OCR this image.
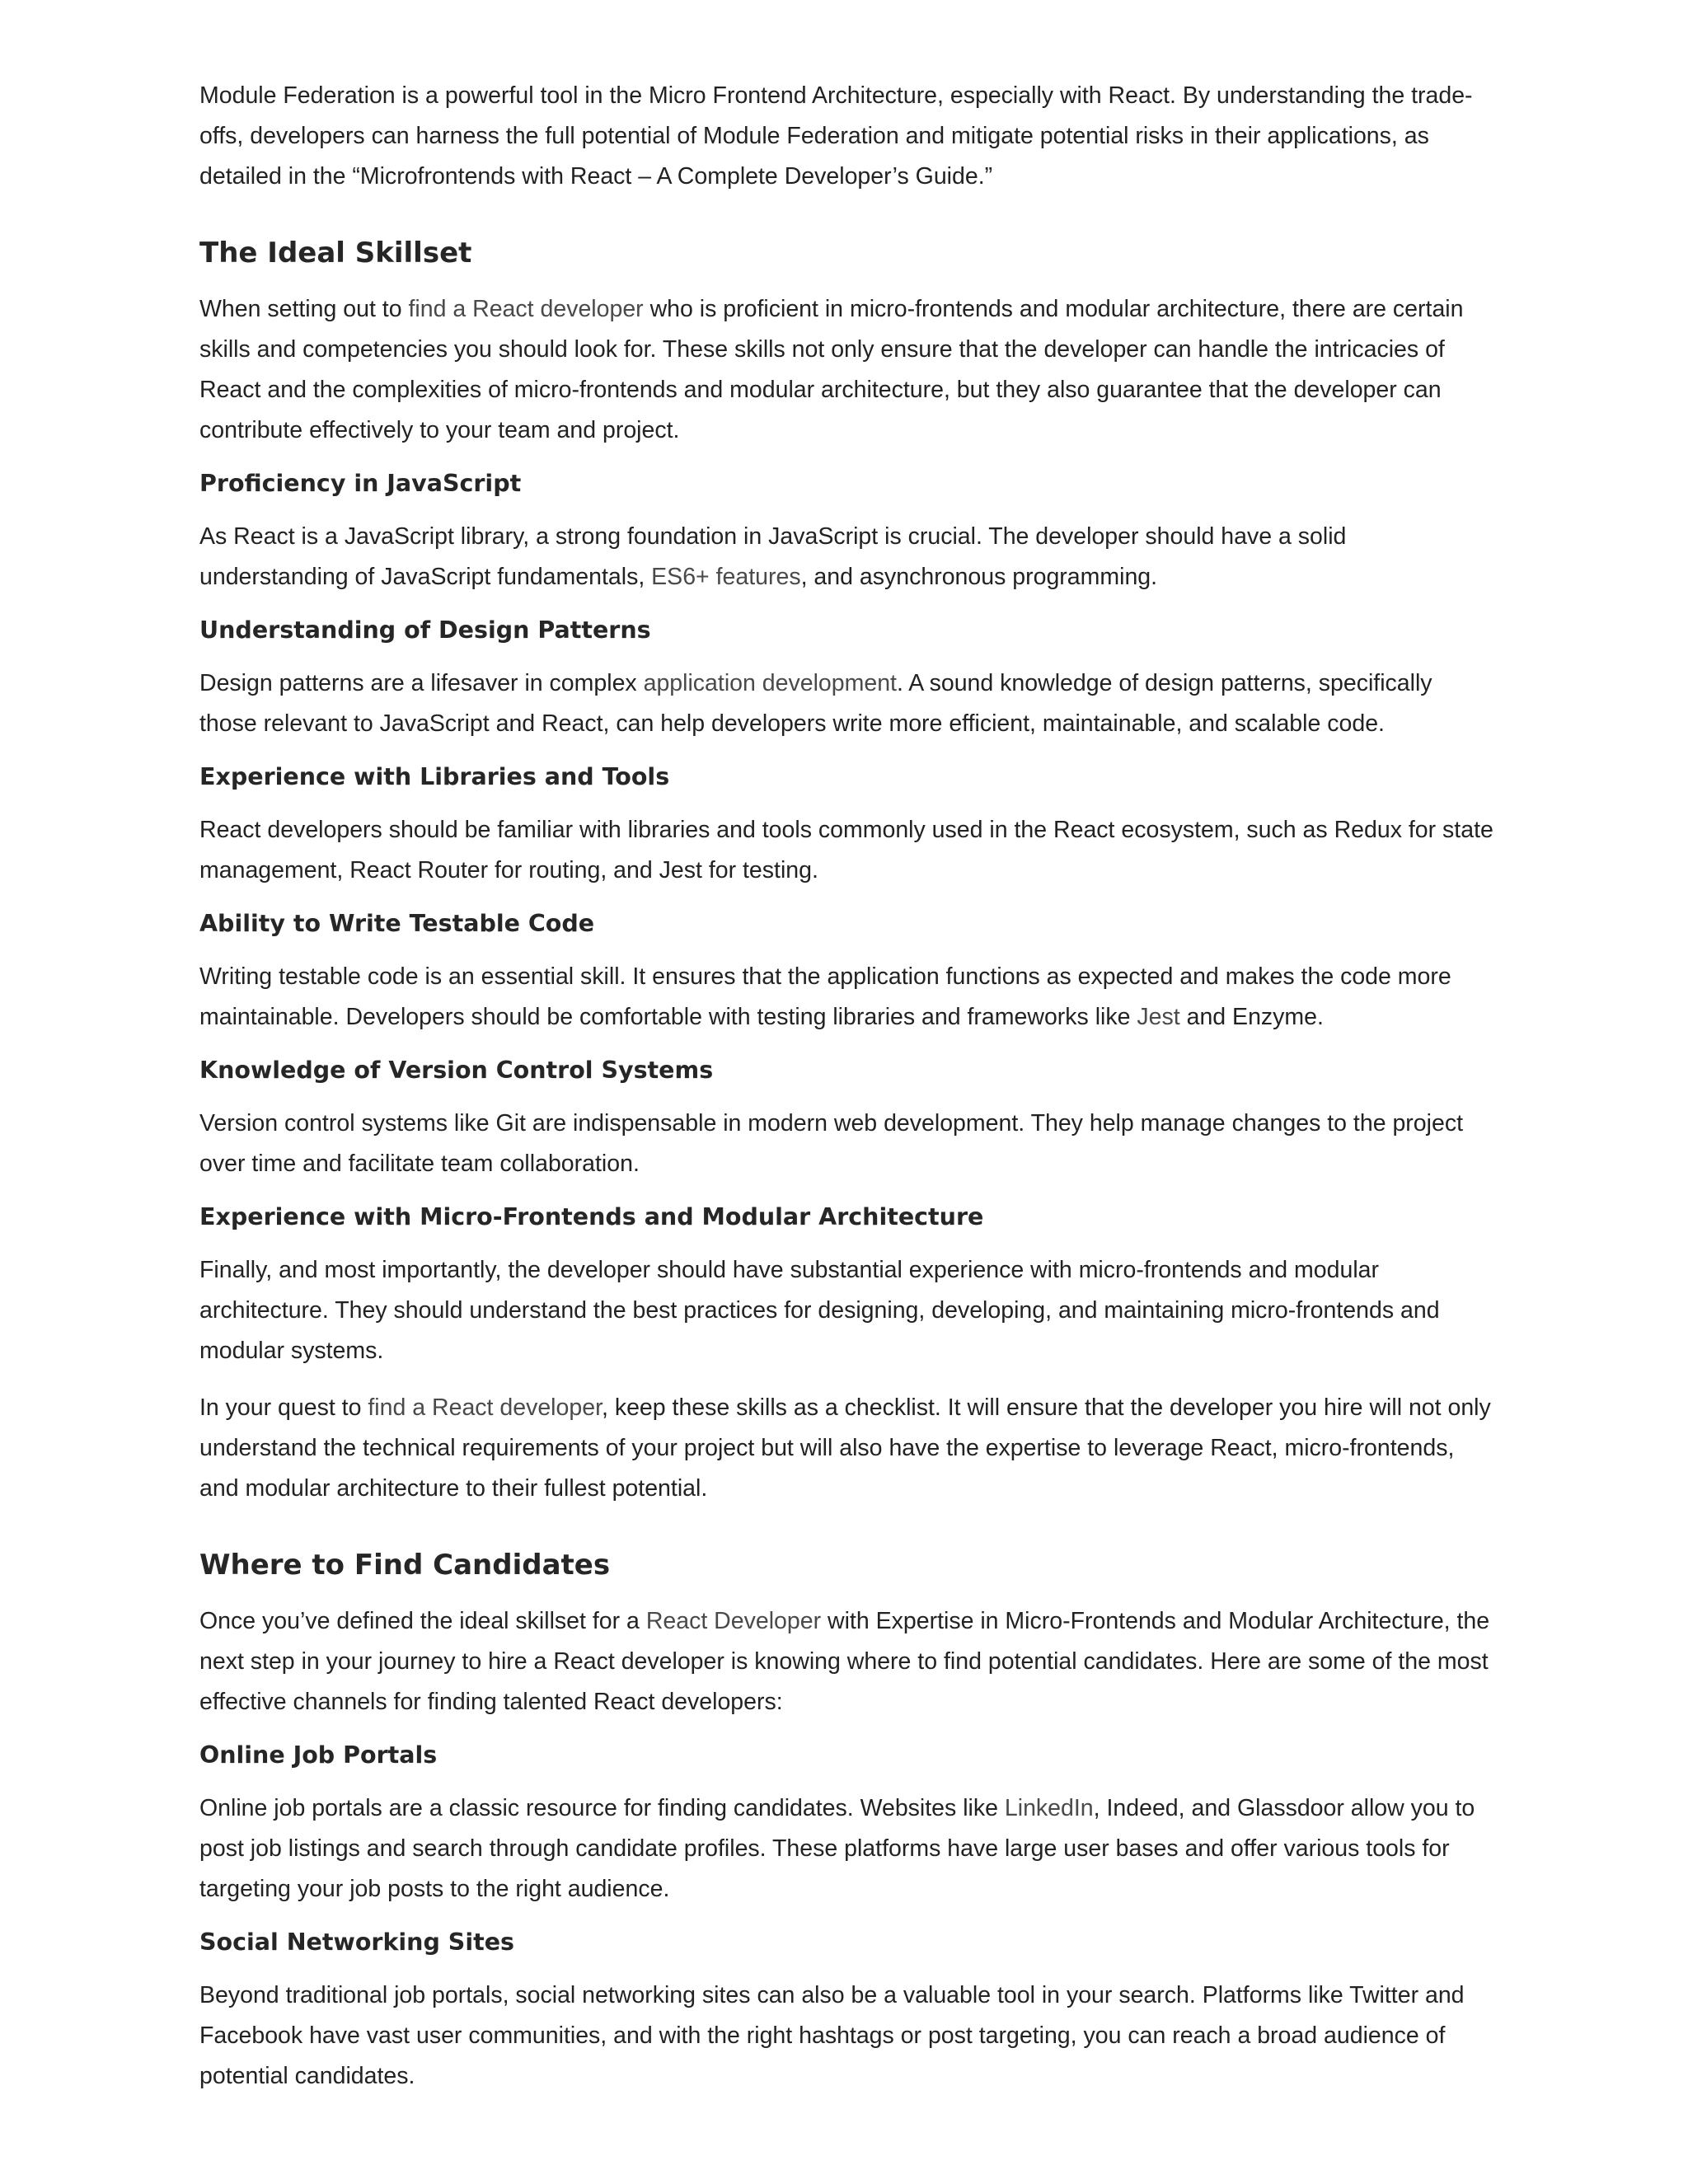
Module Federation is a powerful tool in the Micro Frontend Architecture, especially with React. By understanding the trade-offs, developers can harness the full potential of Module Federation and mitigate potential risks in their applications, as detailed in the “Microfrontends with React – A Complete Developer’s Guide.”

The Ideal Skillset

When setting out to find a React developer who is proficient in micro-frontends and modular architecture, there are certain skills and competencies you should look for. These skills not only ensure that the developer can handle the intricacies of React and the complexities of micro-frontends and modular architecture, but they also guarantee that the developer can contribute effectively to your team and project.

Proficiency in JavaScript

As React is a JavaScript library, a strong foundation in JavaScript is crucial. The developer should have a solid understanding of JavaScript fundamentals, ES6+ features, and asynchronous programming.

Understanding of Design Patterns

Design patterns are a lifesaver in complex application development. A sound knowledge of design patterns, specifically those relevant to JavaScript and React, can help developers write more efficient, maintainable, and scalable code.

Experience with Libraries and Tools

React developers should be familiar with libraries and tools commonly used in the React ecosystem, such as Redux for state management, React Router for routing, and Jest for testing.

Ability to Write Testable Code

Writing testable code is an essential skill. It ensures that the application functions as expected and makes the code more maintainable. Developers should be comfortable with testing libraries and frameworks like Jest and Enzyme.

Knowledge of Version Control Systems

Version control systems like Git are indispensable in modern web development. They help manage changes to the project over time and facilitate team collaboration.

Experience with Micro-Frontends and Modular Architecture

Finally, and most importantly, the developer should have substantial experience with micro-frontends and modular architecture. They should understand the best practices for designing, developing, and maintaining micro-frontends and modular systems.

In your quest to find a React developer, keep these skills as a checklist. It will ensure that the developer you hire will not only understand the technical requirements of your project but will also have the expertise to leverage React, micro-frontends, and modular architecture to their fullest potential.

Where to Find Candidates

Once you’ve defined the ideal skillset for a React Developer with Expertise in Micro-Frontends and Modular Architecture, the next step in your journey to hire a React developer is knowing where to find potential candidates. Here are some of the most effective channels for finding talented React developers:

Online Job Portals

Online job portals are a classic resource for finding candidates. Websites like LinkedIn, Indeed, and Glassdoor allow you to post job listings and search through candidate profiles. These platforms have large user bases and offer various tools for targeting your job posts to the right audience.

Social Networking Sites

Beyond traditional job portals, social networking sites can also be a valuable tool in your search. Platforms like Twitter and Facebook have vast user communities, and with the right hashtags or post targeting, you can reach a broad audience of potential candidates.
